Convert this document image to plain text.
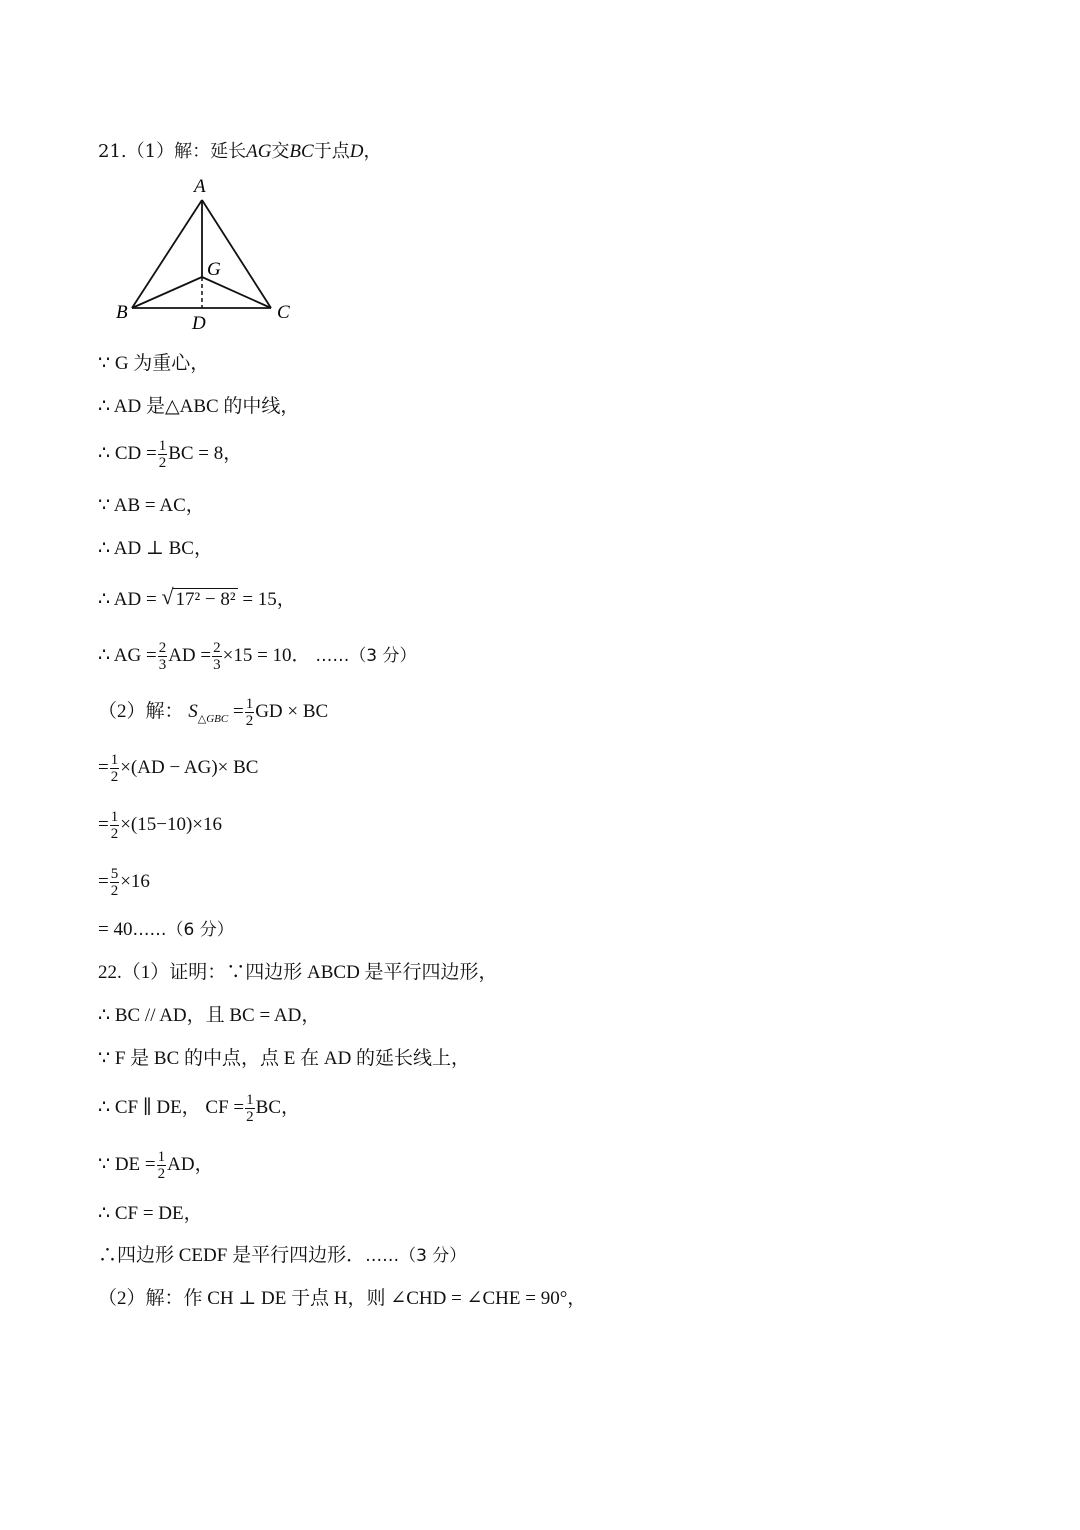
21.（1）解：延长AG交BC于点D，
A
G
B
D
C
∵ G 为重心，
∴ AD 是△ABC 的中线，
∴ CD = $\frac{1}{2}$ BC = 8，
∵ AB = AC，
∴ AD ⊥ BC，
∴ AD = √ 17² − 8² = 15，
∴ AG = $\frac{2}{3}$ AD = $\frac{2}{3} \times 15 = 10$． ……（3 分）
（2）解： $S_{\triangle GBC} = \frac{1}{2}$ GD × BC
= $\frac{1}{2} \times(AD - AG)\times$ BC
= $\frac{1}{2} \times(15-10)\times 16$
= $\frac{5}{2} \times 16$
= 40……（6 分）
22.（1）证明：∵四边形 ABCD 是平行四边形，
∴ BC // AD，且 BC = AD，
∵ F 是 BC 的中点，点 E 在 AD 的延长线上，
∴ CF ∥ DE， CF = $\frac{1}{2}$ BC，
∵ DE = $\frac{1}{2}$ AD，
∴ CF = DE，
∴四边形 CEDF 是平行四边形．……（3 分）
（2）解：作 CH ⊥ DE 于点 H，则 ∠CHD = ∠CHE = 90°，
